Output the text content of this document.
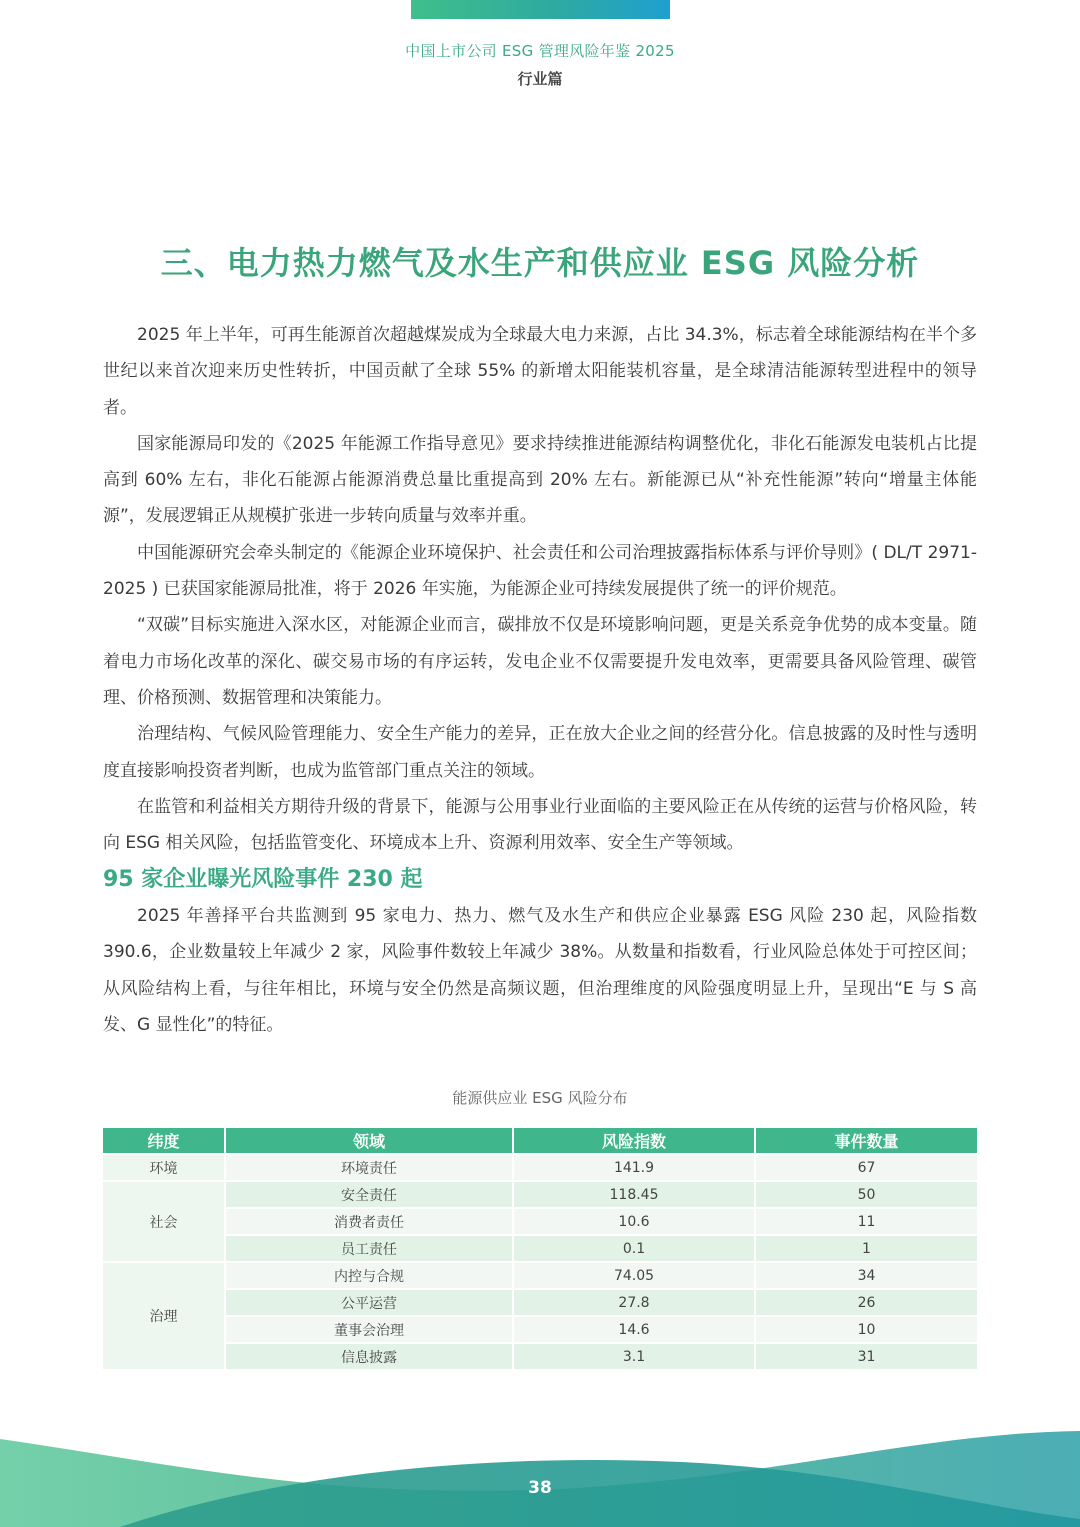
中国上市公司 ESG 管理风险年鉴 2025
行业篇
三、电力热力燃气及水生产和供应业 ESG 风险分析

2025 年上半年，可再生能源首次超越煤炭成为全球最大电力来源，占比 34.3%，标志着全球能源结构在半个多世纪以来首次迎来历史性转折，中国贡献了全球 55% 的新增太阳能装机容量，是全球清洁能源转型进程中的领导者。

国家能源局印发的《2025 年能源工作指导意见》要求持续推进能源结构调整优化，非化石能源发电装机占比提高到 60% 左右，非化石能源占能源消费总量比重提高到 20% 左右。新能源已从“补充性能源”转向“增量主体能源”，发展逻辑正从规模扩张进一步转向质量与效率并重。

中国能源研究会牵头制定的《能源企业环境保护、社会责任和公司治理披露指标体系与评价导则》( DL/T 2971-2025 ) 已获国家能源局批准，将于 2026 年实施，为能源企业可持续发展提供了统一的评价规范。

“双碳”目标实施进入深水区，对能源企业而言，碳排放不仅是环境影响问题，更是关系竞争优势的成本变量。随着电力市场化改革的深化、碳交易市场的有序运转，发电企业不仅需要提升发电效率，更需要具备风险管理、碳管理、价格预测、数据管理和决策能力。

治理结构、气候风险管理能力、安全生产能力的差异，正在放大企业之间的经营分化。信息披露的及时性与透明度直接影响投资者判断，也成为监管部门重点关注的领域。

在监管和利益相关方期待升级的背景下，能源与公用事业行业面临的主要风险正在从传统的运营与价格风险，转向 ESG 相关风险，包括监管变化、环境成本上升、资源利用效率、安全生产等领域。

95 家企业曝光风险事件 230 起

2025 年善择平台共监测到 95 家电力、热力、燃气及水生产和供应企业暴露 ESG 风险 230 起，风险指数 390.6，企业数量较上年减少 2 家，风险事件数较上年减少 38%。从数量和指数看，行业风险总体处于可控区间；从风险结构上看，与往年相比，环境与安全仍然是高频议题，但治理维度的风险强度明显上升，呈现出“E 与 S 高发、G 显性化”的特征。

能源供应业 ESG 风险分布
纬度	领域	风险指数	事件数量
环境	环境责任	141.9	67
社会	安全责任	118.45	50
	消费者责任	10.6	11
	员工责任	0.1	1
治理	内控与合规	74.05	34
	公平运营	27.8	26
	董事会治理	14.6	10
	信息披露	3.1	31
38
